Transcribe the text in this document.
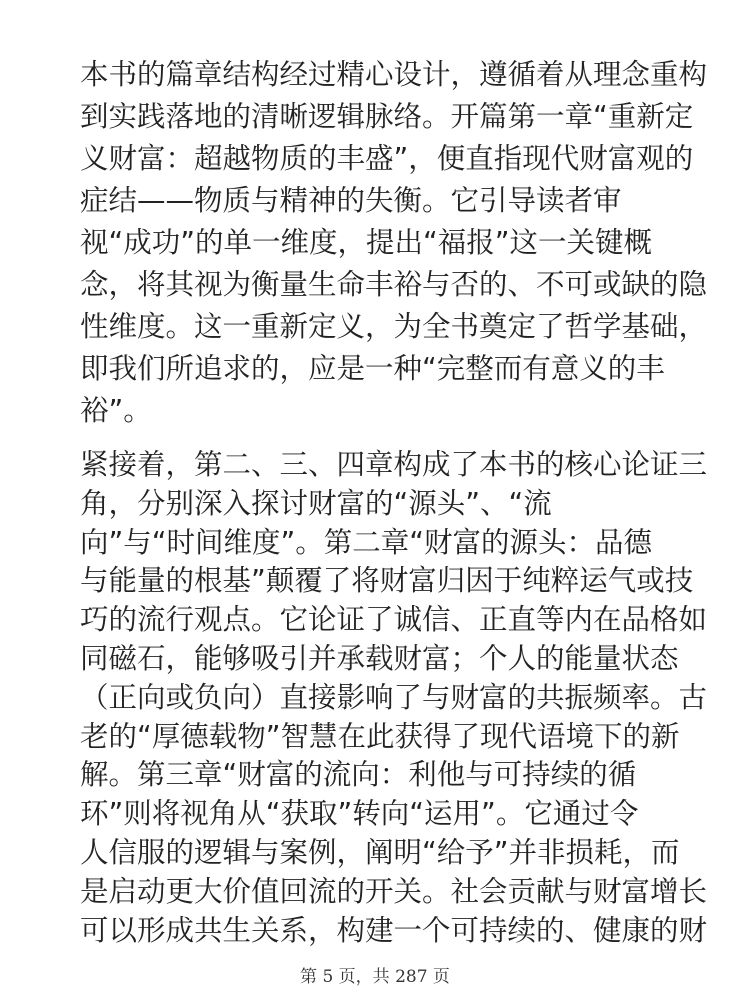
本书的篇章结构经过精心设计，遵循着从理念重构
到实践落地的清晰逻辑脉络。开篇第一章“重新定
义财富：超越物质的丰盛”，便直指现代财富观的
症结——物质与精神的失衡。它引导读者审
视“成功”的单一维度，提出“福报”这一关键概
念，将其视为衡量生命丰裕与否的、不可或缺的隐
性维度。这一重新定义，为全书奠定了哲学基础，
即我们所追求的，应是一种“完整而有意义的丰
裕”。
紧接着，第二、三、四章构成了本书的核心论证三
角，分别深入探讨财富的“源头”、“流
向”与“时间维度”。第二章“财富的源头：品德
与能量的根基”颠覆了将财富归因于纯粹运气或技
巧的流行观点。它论证了诚信、正直等内在品格如
同磁石，能够吸引并承载财富；个人的能量状态
（正向或负向）直接影响了与财富的共振频率。古
老的“厚德载物”智慧在此获得了现代语境下的新
解。第三章“财富的流向：利他与可持续的循
环”则将视角从“获取”转向“运用”。它通过令
人信服的逻辑与案例，阐明“给予”并非损耗，而
是启动更大价值回流的开关。社会贡献与财富增长
可以形成共生关系，构建一个可持续的、健康的财
第 5 页，共 287 页
